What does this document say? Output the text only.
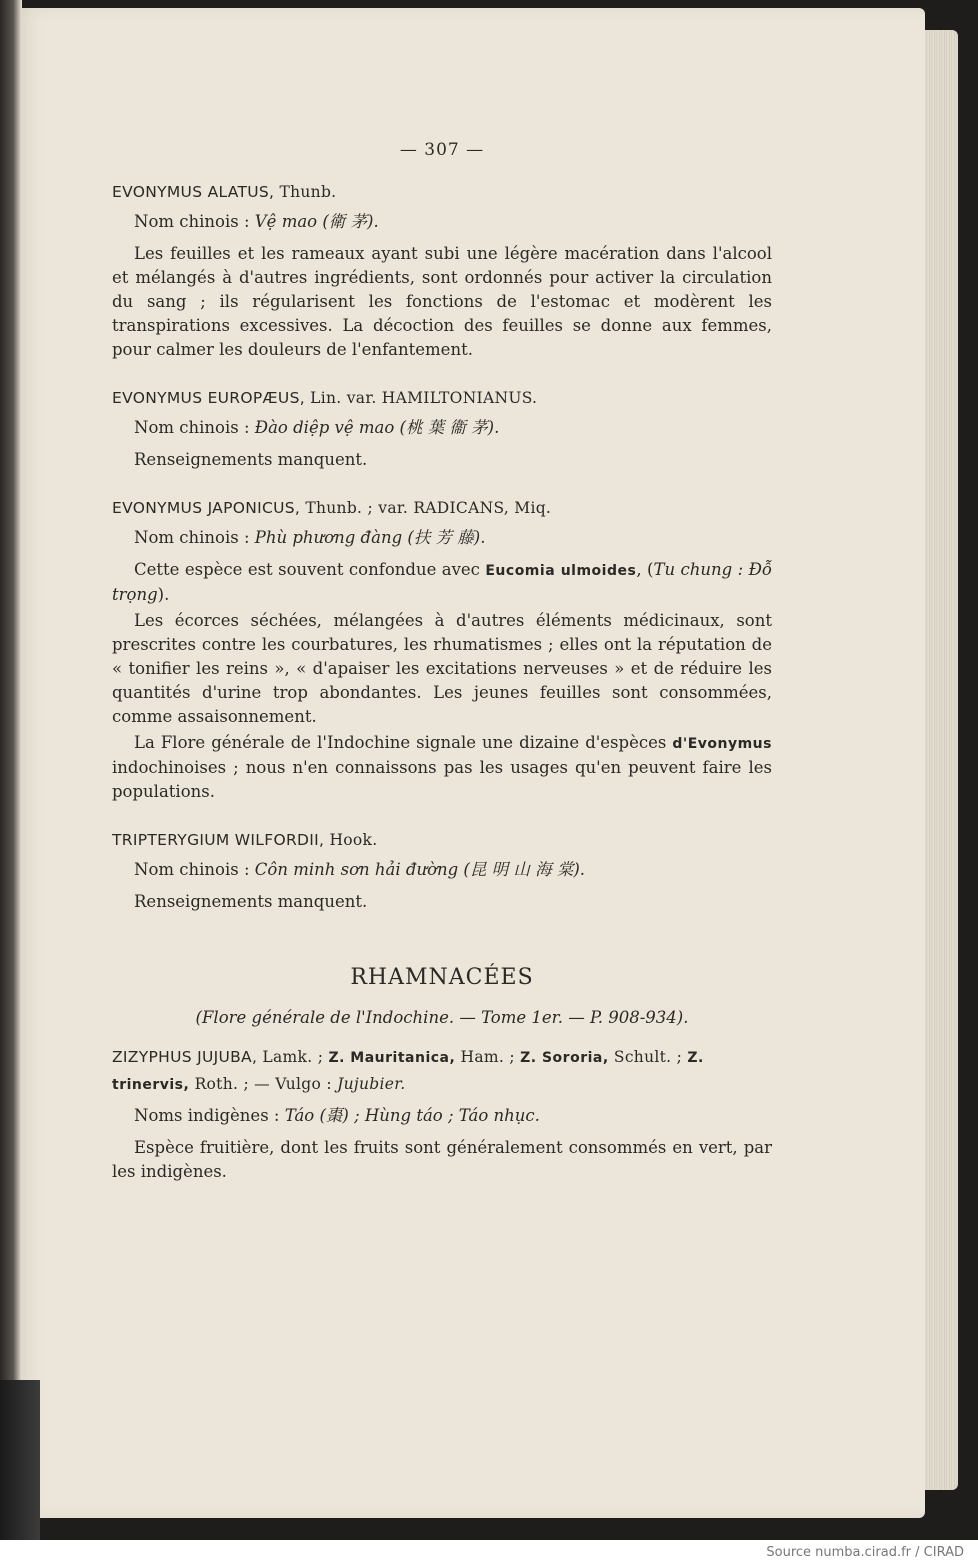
— 307 —

EVONYMUS ALATUS, Thunb.

Nom chinois : Vệ mao (衛 茅).

Les feuilles et les rameaux ayant subi une légère macération dans l'alcool et mélangés à d'autres ingrédients, sont ordonnés pour activer la circulation du sang ; ils régularisent les fonctions de l'estomac et modèrent les transpirations excessives. La décoction des feuilles se donne aux femmes, pour calmer les douleurs de l'enfantement.

EVONYMUS EUROPÆUS, Lin. var. HAMILTONIANUS.

Nom chinois : Đào diệp vệ mao (桃 葉 衞 茅).

Renseignements manquent.

EVONYMUS JAPONICUS, Thunb. ; var. RADICANS, Miq.

Nom chinois : Phù phương đàng (扶 芳 藤).

Cette espèce est souvent confondue avec Eucomia ulmoides, (Tu chung : Đỗ trọng).

Les écorces séchées, mélangées à d'autres éléments médicinaux, sont prescrites contre les courbatures, les rhumatismes ; elles ont la réputation de « tonifier les reins », « d'apaiser les excitations nerveuses » et de réduire les quantités d'urine trop abondantes. Les jeunes feuilles sont consommées, comme assaisonnement.

La Flore générale de l'Indochine signale une dizaine d'espèces d'Evonymus indochinoises ; nous n'en connaissons pas les usages qu'en peuvent faire les populations.

TRIPTERYGIUM WILFORDII, Hook.

Nom chinois : Côn minh sơn hải đường (昆 明 山 海 棠).

Renseignements manquent.

RHAMNACÉES
(Flore générale de l'Indochine. — Tome 1er. — P. 908-934).

ZIZYPHUS JUJUBA, Lamk. ; Z. Mauritanica, Ham. ; Z. Sororia, Schult. ; Z. trinervis, Roth. ; — Vulgo : Jujubier.

Noms indigènes : Táo (棗) ; Hùng táo ; Táo nhục.

Espèce fruitière, dont les fruits sont généralement consommés en vert, par les indigènes.

Source numba.cirad.fr / CIRAD
